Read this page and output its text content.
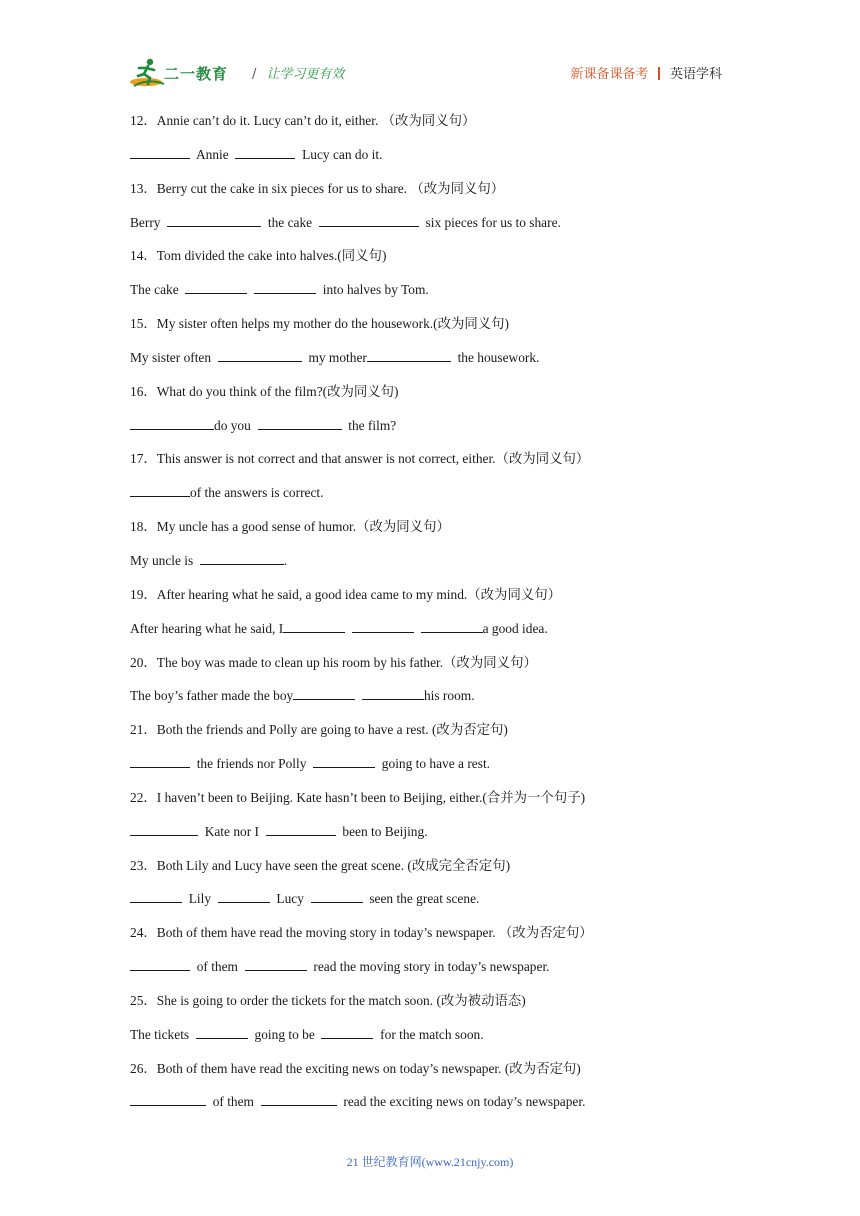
二一教育 / 让学习更有效	新课备课备考 英语学科
12．Annie can’t do it. Lucy can’t do it, either. （改为同义句）
Annie	Lucy can do it.
13．Berry cut the cake in six pieces for us to share. （改为同义句）
Berry	the cake	six pieces for us to share.
14．Tom divided the cake into halves.(同义句)
The cake	into halves by Tom.
15．My sister often helps my mother do the housework.(改为同义句)
My sister often	my mother	the housework.
16．What do you think of the film?(改为同义句)
do you	the film?
17．This answer is not correct and that answer is not correct, either.（改为同义句）
of the answers is correct.
18．My uncle has a good sense of humor.（改为同义句）
My uncle is	.
19．After hearing what he said, a good idea came to my mind.（改为同义句）
After hearing what he said, I	a good idea.
20．The boy was made to clean up his room by his father.（改为同义句）
The boy’s father made the boy	his room.
21．Both the friends and Polly are going to have a rest. (改为否定句)
the friends nor Polly	going to have a rest.
22．I haven’t been to Beijing. Kate hasn’t been to Beijing, either.(合并为一个句子)
Kate nor I	been to Beijing.
23．Both Lily and Lucy have seen the great scene. (改成完全否定句)
Lily	Lucy	seen the great scene.
24．Both of them have read the moving story in today’s newspaper. （改为否定句）
of them	read the moving story in today’s newspaper.
25．She is going to order the tickets for the match soon. (改为被动语态)
The tickets	going to be	for the match soon.
26．Both of them have read the exciting news on today’s newspaper. (改为否定句)
of them	read the exciting news on today’s newspaper.
21 世纪教育网(www.21cnjy.com)
